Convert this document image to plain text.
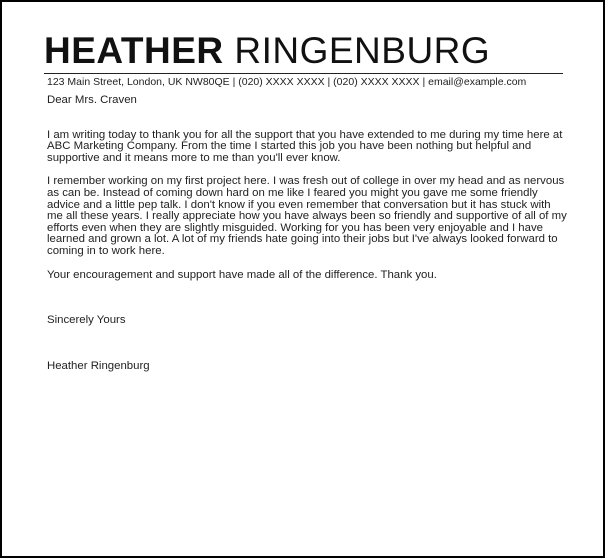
HEATHER RINGENBURG
123 Main Street, London, UK NW80QE | (020) XXXX XXXX | (020) XXXX XXXX | email@example.com

Dear Mrs. Craven

I am writing today to thank you for all the support that you have extended to me during my time here at ABC Marketing Company. From the time I started this job you have been nothing but helpful and supportive and it means more to me than you'll ever know.

I remember working on my first project here. I was fresh out of college in over my head and as nervous as can be. Instead of coming down hard on me like I feared you might you gave me some friendly advice and a little pep talk. I don't know if you even remember that conversation but it has stuck with me all these years. I really appreciate how you have always been so friendly and supportive of all of my efforts even when they are slightly misguided. Working for you has been very enjoyable and I have learned and grown a lot. A lot of my friends hate going into their jobs but I've always looked forward to coming in to work here.

Your encouragement and support have made all of the difference. Thank you.

Sincerely Yours

Heather Ringenburg
